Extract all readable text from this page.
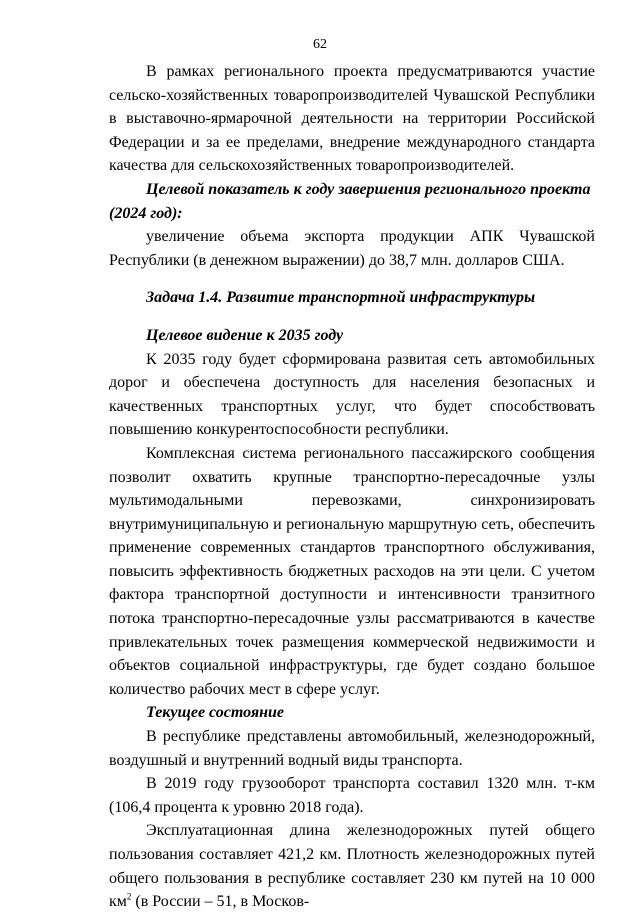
62

В рамках регионального проекта предусматриваются участие сельско-хозяйственных товаропроизводителей Чувашской Республики в выставочно-ярмарочной деятельности на территории Российской Федерации и за ее пределами, внедрение международного стандарта качества для сельскохозяйственных товаропроизводителей.

Целевой показатель к году завершения регионального проекта (2024 год):

увеличение объема экспорта продукции АПК Чувашской Республики (в денежном выражении) до 38,7 млн. долларов США.

Задача 1.4. Развитие транспортной инфраструктуры

Целевое видение к 2035 году

К 2035 году будет сформирована развитая сеть автомобильных дорог и обеспечена доступность для населения безопасных и качественных транспортных услуг, что будет способствовать повышению конкурентоспособности республики.

Комплексная система регионального пассажирского сообщения позволит охватить крупные транспортно-пересадочные узлы мультимодальными перевозками, синхронизировать внутримуниципальную и региональную маршрутную сеть, обеспечить применение современных стандартов транспортного обслуживания, повысить эффективность бюджетных расходов на эти цели. С учетом фактора транспортной доступности и интенсивности транзитного потока транспортно-пересадочные узлы рассматриваются в качестве привлекательных точек размещения коммерческой недвижимости и объектов социальной инфраструктуры, где будет создано большое количество рабочих мест в сфере услуг.

Текущее состояние

В республике представлены автомобильный, железнодорожный, воздушный и внутренний водный виды транспорта.

В 2019 году грузооборот транспорта составил 1320 млн. т-км (106,4 процента к уровню 2018 года).

Эксплуатационная длина железнодорожных путей общего пользования составляет 421,2 км. Плотность железнодорожных путей общего пользования в республике составляет 230 км путей на 10 000 $км^2$ (в России – 51, в Москов-
